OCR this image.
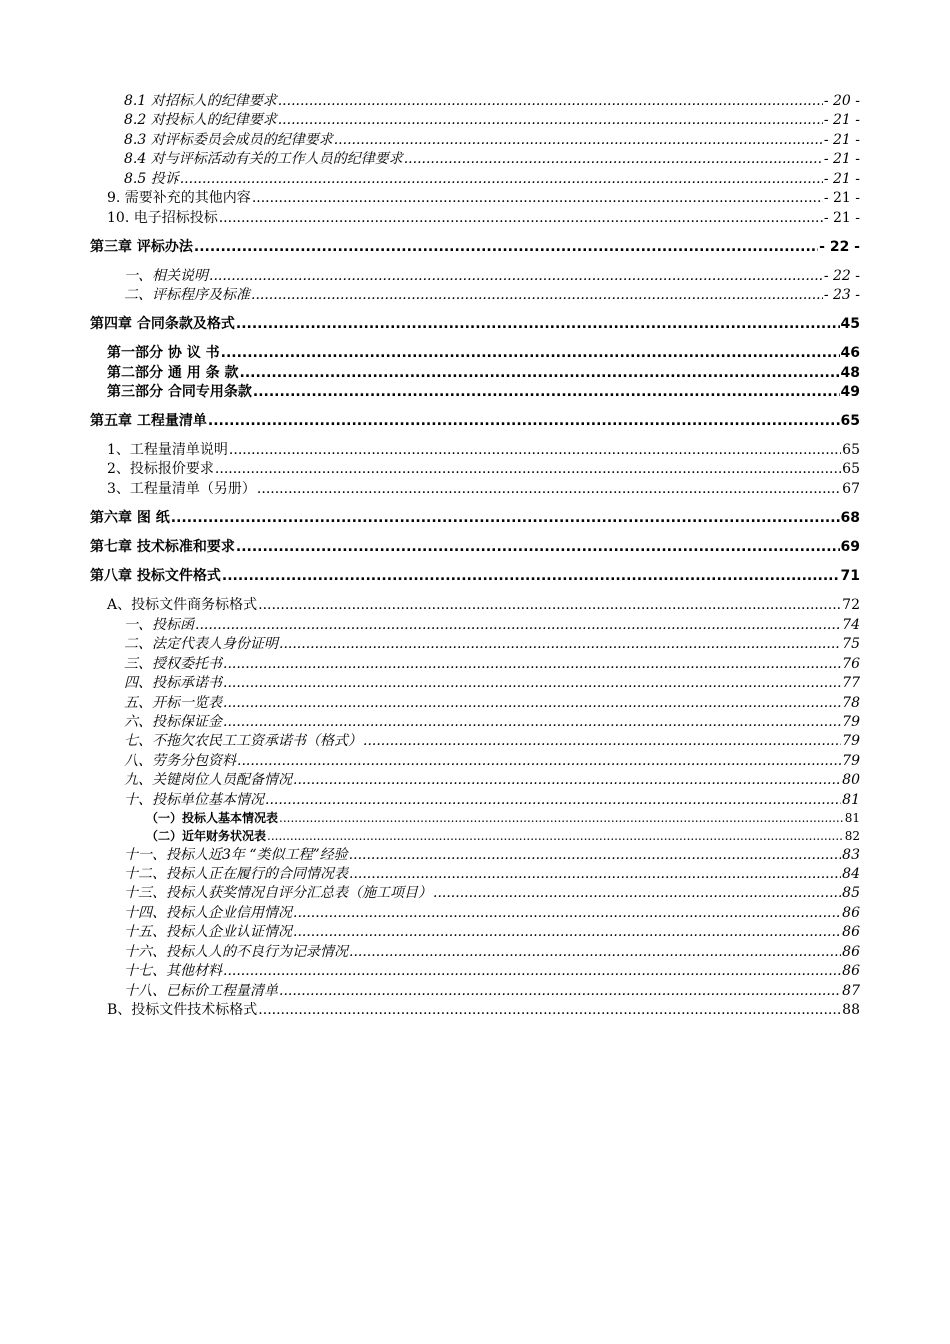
8.1 对招标人的纪律要求 .....	- 20 -
8.2 对投标人的纪律要求 .....	- 21 -
8.3 对评标委员会成员的纪律要求 .....	- 21 -
8.4 对与评标活动有关的工作人员的纪律要求 .....	- 21 -
8.5 投诉 .....	- 21 -
9. 需要补充的其他内容 .....	- 21 -
10. 电子招标投标 .....	- 21 -
第三章 评标办法 .....	- 22 -
一、相关说明 .....	- 22 -
二、评标程序及标准 .....	- 23 -
第四章 合同条款及格式 .....	45
第一部分 协 议 书 .....	46
第二部分 通 用 条 款 .....	48
第三部分 合同专用条款 .....	49
第五章 工程量清单 .....	65
1、工程量清单说明 .....	65
2、投标报价要求 .....	65
3、工程量清单（另册） .....	67
第六章 图 纸 .....	68
第七章 技术标准和要求 .....	69
第八章 投标文件格式 .....	71
A、投标文件商务标格式 .....	72
一、投标函 .....	74
二、法定代表人身份证明 .....	75
三、授权委托书 .....	76
四、投标承诺书 .....	77
五、开标一览表 .....	78
六、投标保证金 .....	79
七、不拖欠农民工工资承诺书（格式） .....	79
八、劳务分包资料 .....	79
九、关键岗位人员配备情况 .....	80
十、投标单位基本情况 .....	81
（一）投标人基本情况表 .....	81
（二）近年财务状况表 .....	82
十一、投标人近3年 “类似工程”经验 .....	83
十二、投标人正在履行的合同情况表 .....	84
十三、投标人获奖情况自评分汇总表（施工项目） .....	85
十四、投标人企业信用情况 .....	86
十五、投标人企业认证情况 .....	86
十六、投标人人的不良行为记录情况 .....	86
十七、其他材料 .....	86
十八、已标价工程量清单 .....	87
B、投标文件技术标格式 .....	88
